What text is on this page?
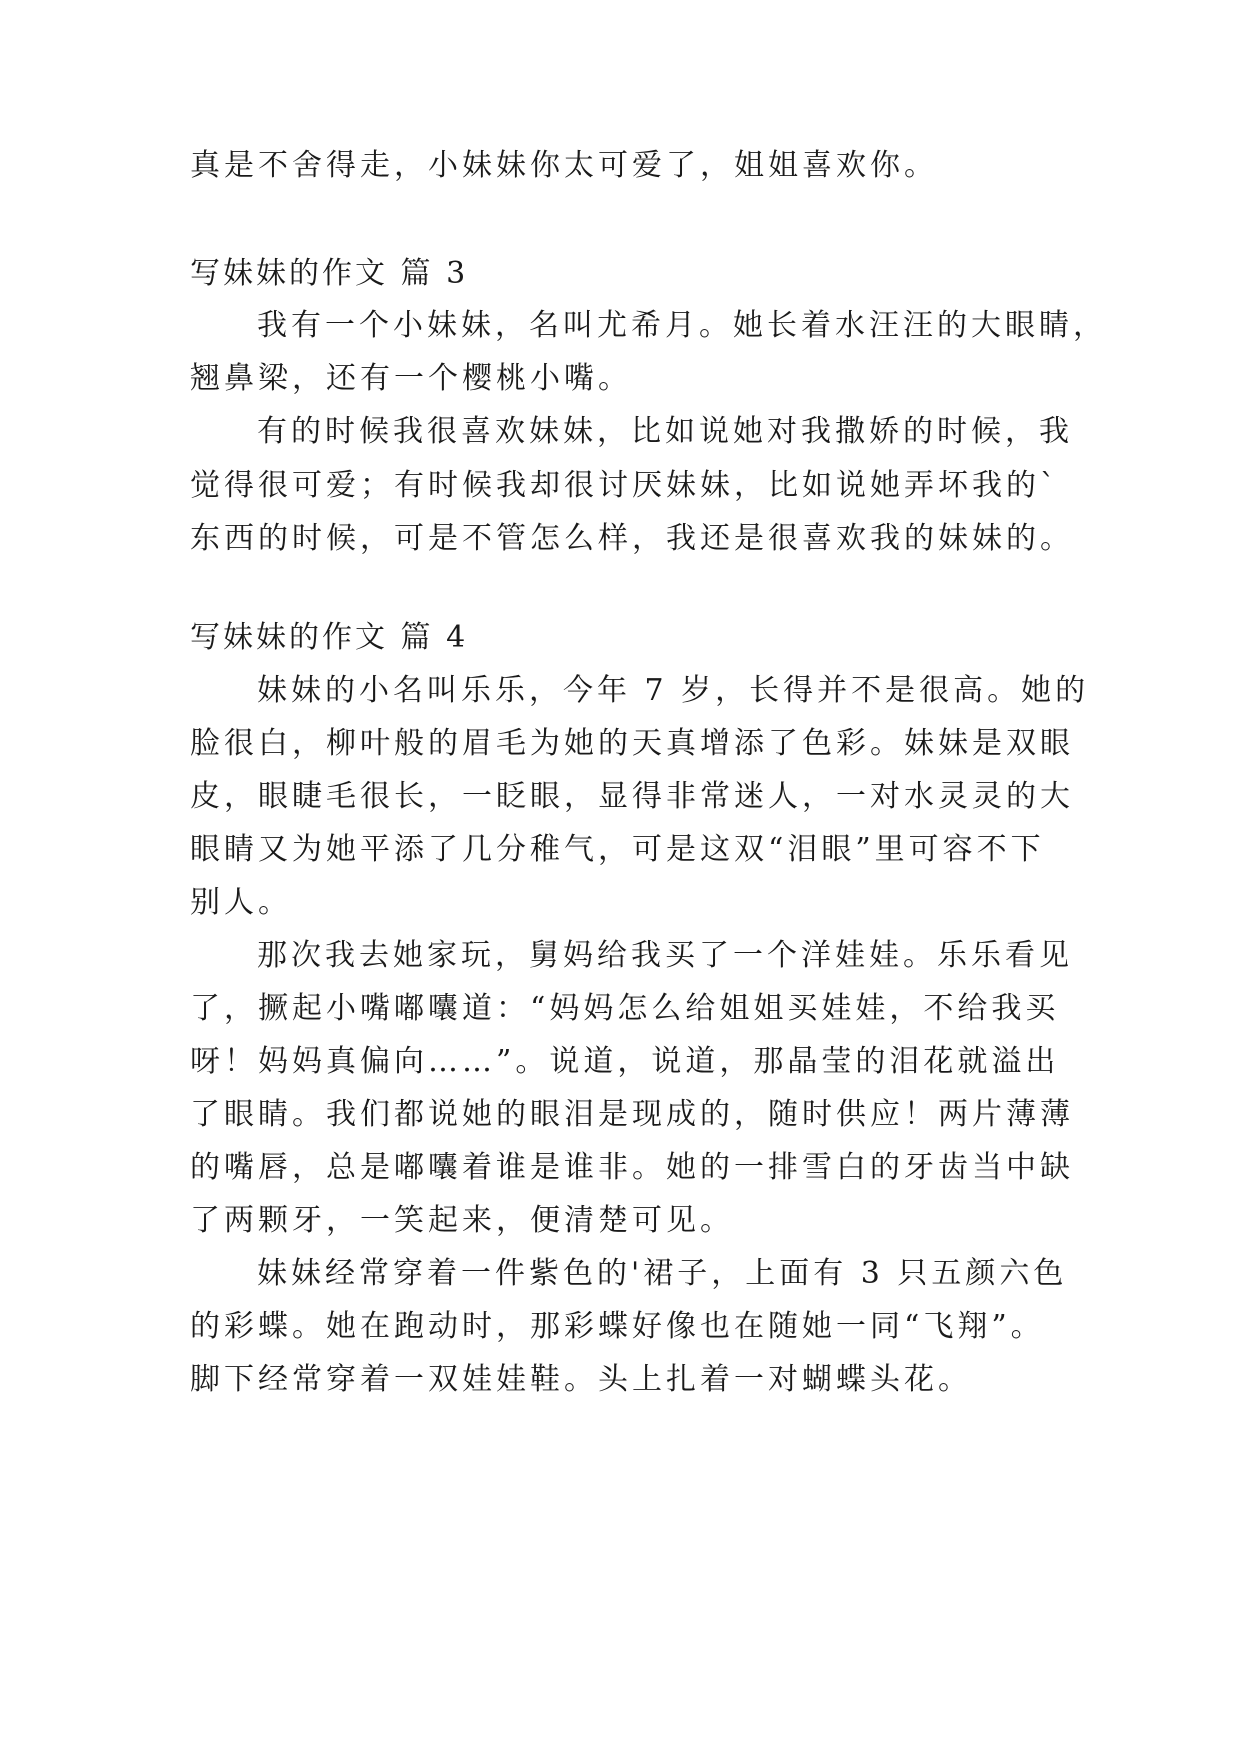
真是不舍得走，小妹妹你太可爱了，姐姐喜欢你。
写妹妹的作文 篇 3
我有一个小妹妹，名叫尤希月。她长着水汪汪的大眼睛，
翘鼻梁，还有一个樱桃小嘴。
有的时候我很喜欢妹妹，比如说她对我撒娇的时候，我
觉得很可爱；有时候我却很讨厌妹妹，比如说她弄坏我的`
东西的时候，可是不管怎么样，我还是很喜欢我的妹妹的。
写妹妹的作文 篇 4
妹妹的小名叫乐乐，今年 7 岁，长得并不是很高。她的
脸很白，柳叶般的眉毛为她的天真增添了色彩。妹妹是双眼
皮，眼睫毛很长，一眨眼，显得非常迷人，一对水灵灵的大
眼睛又为她平添了几分稚气，可是这双“泪眼”里可容不下
别人。
那次我去她家玩，舅妈给我买了一个洋娃娃。乐乐看见
了，撅起小嘴嘟囔道：“妈妈怎么给姐姐买娃娃，不给我买
呀！妈妈真偏向……”。说道，说道，那晶莹的泪花就溢出
了眼睛。我们都说她的眼泪是现成的，随时供应！两片薄薄
的嘴唇，总是嘟囔着谁是谁非。她的一排雪白的牙齿当中缺
了两颗牙，一笑起来，便清楚可见。
妹妹经常穿着一件紫色的'裙子，上面有 3 只五颜六色
的彩蝶。她在跑动时，那彩蝶好像也在随她一同“飞翔”。
脚下经常穿着一双娃娃鞋。头上扎着一对蝴蝶头花。
